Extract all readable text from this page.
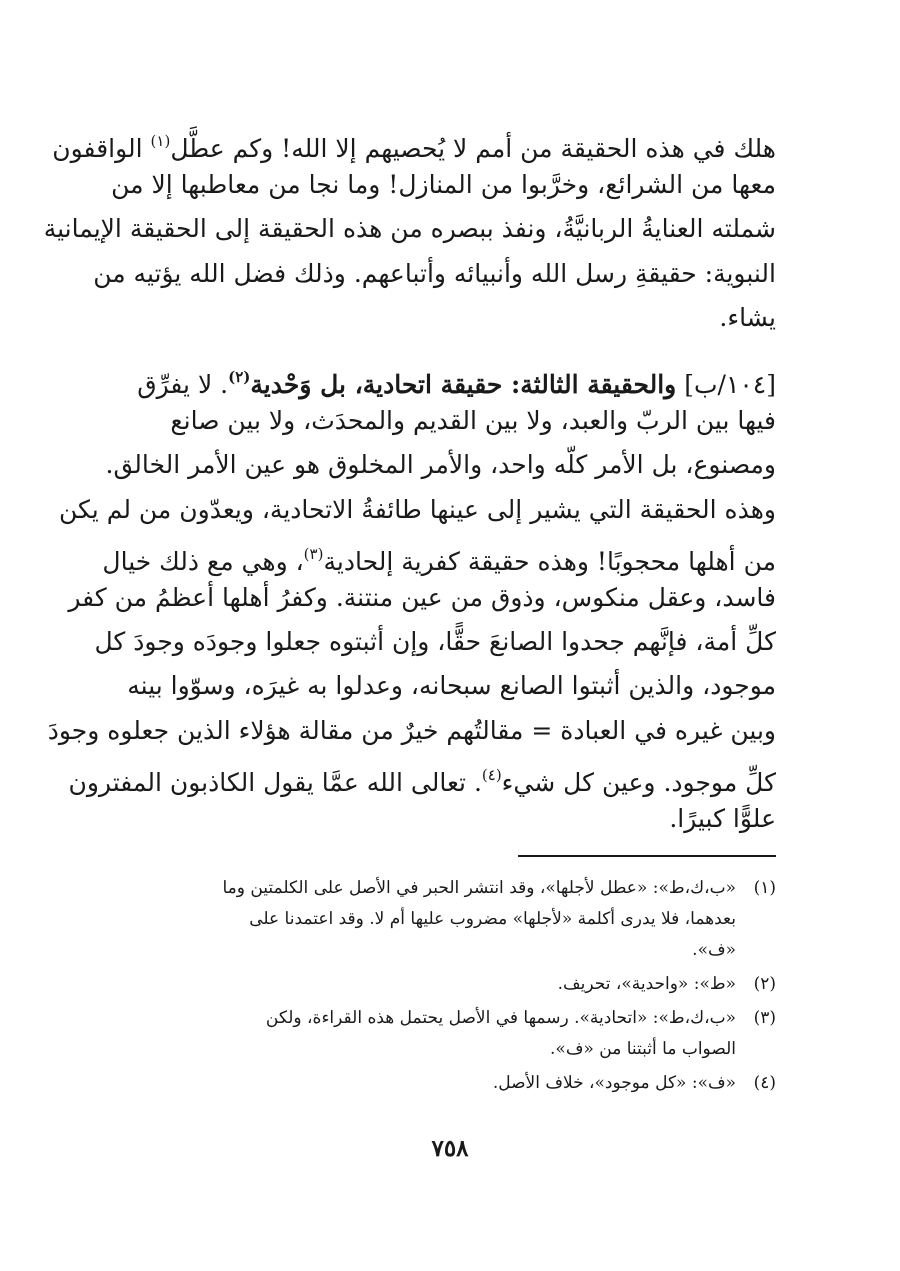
هلك في هذه الحقيقة من أمم لا يُحصيهم إلا الله! وكم عطَّل$^{(١)}$ الواقفون
معها من الشرائع، وخرَّبوا من المنازل! وما نجا من معاطبها إلا من
شملته العنايةُ الربانيَّةُ، ونفذ ببصره من هذه الحقيقة إلى الحقيقة الإيمانية
النبوية: حقيقةِ رسل الله وأنبيائه وأتباعهم. وذلك فضل الله يؤتيه من
يشاء.
[١٠٤/ب] والحقيقة الثالثة: حقيقة اتحادية، بل وَحْدية$^{(٢)}$. لا يفرِّق
فيها بين الربّ والعبد، ولا بين القديم والمحدَث، ولا بين صانع
ومصنوع، بل الأمر كلّه واحد، والأمر المخلوق هو عين الأمر الخالق.
وهذه الحقيقة التي يشير إلى عينها طائفةُ الاتحادية، ويعدّون من لم يكن
من أهلها محجوبًا! وهذه حقيقة كفرية إلحادية$^{(٣)}$، وهي مع ذلك خيال
فاسد، وعقل منكوس، وذوق من عين منتنة. وكفرُ أهلها أعظمُ من كفر
كلِّ أمة، فإنَّهم جحدوا الصانعَ حقًّا، وإن أثبتوه جعلوا وجودَه وجودَ كل
موجود، والذين أثبتوا الصانع سبحانه، وعدلوا به غيرَه، وسوّوا بينه
وبين غيره في العبادة = مقالتُهم خيرٌ من مقالة هؤلاء الذين جعلوه وجودَ
كلِّ موجود. وعين كل شيء$^{(٤)}$. تعالى الله عمَّا يقول الكاذبون المفترون
علوًّا كبيرًا.
(١)
«ب،ك،ط»: «عطل لأجلها»، وقد انتشر الحبر في الأصل على الكلمتين وما
بعدهما، فلا يدرى أكلمة «لأجلها» مضروب عليها أم لا. وقد اعتمدنا على
«ف».
(٢)
«ط»: «واحدية»، تحريف.
(٣)
«ب،ك،ط»: «اتحادية». رسمها في الأصل يحتمل هذه القراءة، ولكن
الصواب ما أثبتنا من «ف».
(٤)
«ف»: «كل موجود»، خلاف الأصل.
٧٥٨
